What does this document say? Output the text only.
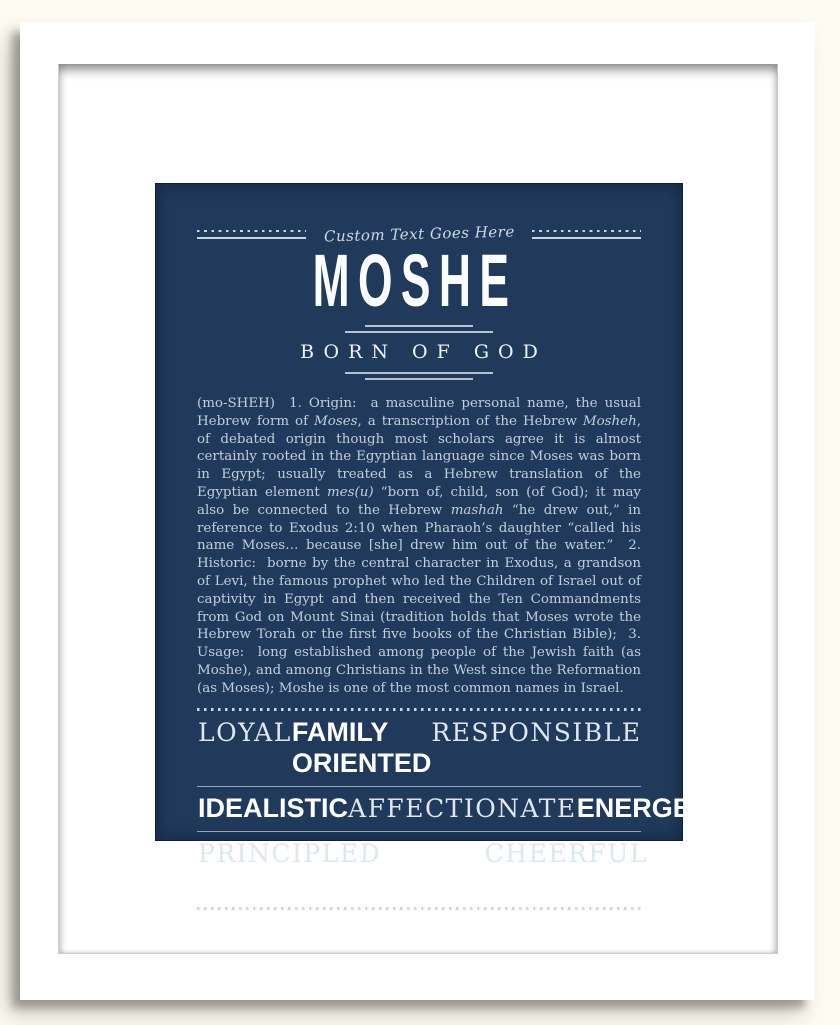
Custom Text Goes Here
MOSHE
BORN OF GOD

(mo-SHEH)  1. Origin:  a masculine personal name, the usual Hebrew form of Moses, a transcription of the Hebrew Mosheh, of debated origin though most scholars agree it is almost certainly rooted in the Egyptian language since Moses was born in Egypt; usually treated as a Hebrew translation of the Egyptian element mes(u) “born of, child, son (of God); it may also be connected to the Hebrew mashah “he drew out,” in reference to Exodus 2:10 when Pharaoh’s daughter “called his name Moses… because [she] drew him out of the water.”  2. Historic:  borne by the central character in Exodus, a grandson of Levi, the famous prophet who led the Children of Israel out of captivity in Egypt and then received the Ten Commandments from God on Mount Sinai (tradition holds that Moses wrote the Hebrew Torah or the first five books of the Christian Bible);  3. Usage:  long established among people of the Jewish faith (as Moshe), and among Christians in the West since the Reformation (as Moses); Moshe is one of the most common names in Israel.

LOYAL FAMILY ORIENTED
RESPONSIBLE
IDEALISTIC AFFECTIONATE ENERGETIC
PRINCIPLED LOVING & KIND
CHEERFUL
